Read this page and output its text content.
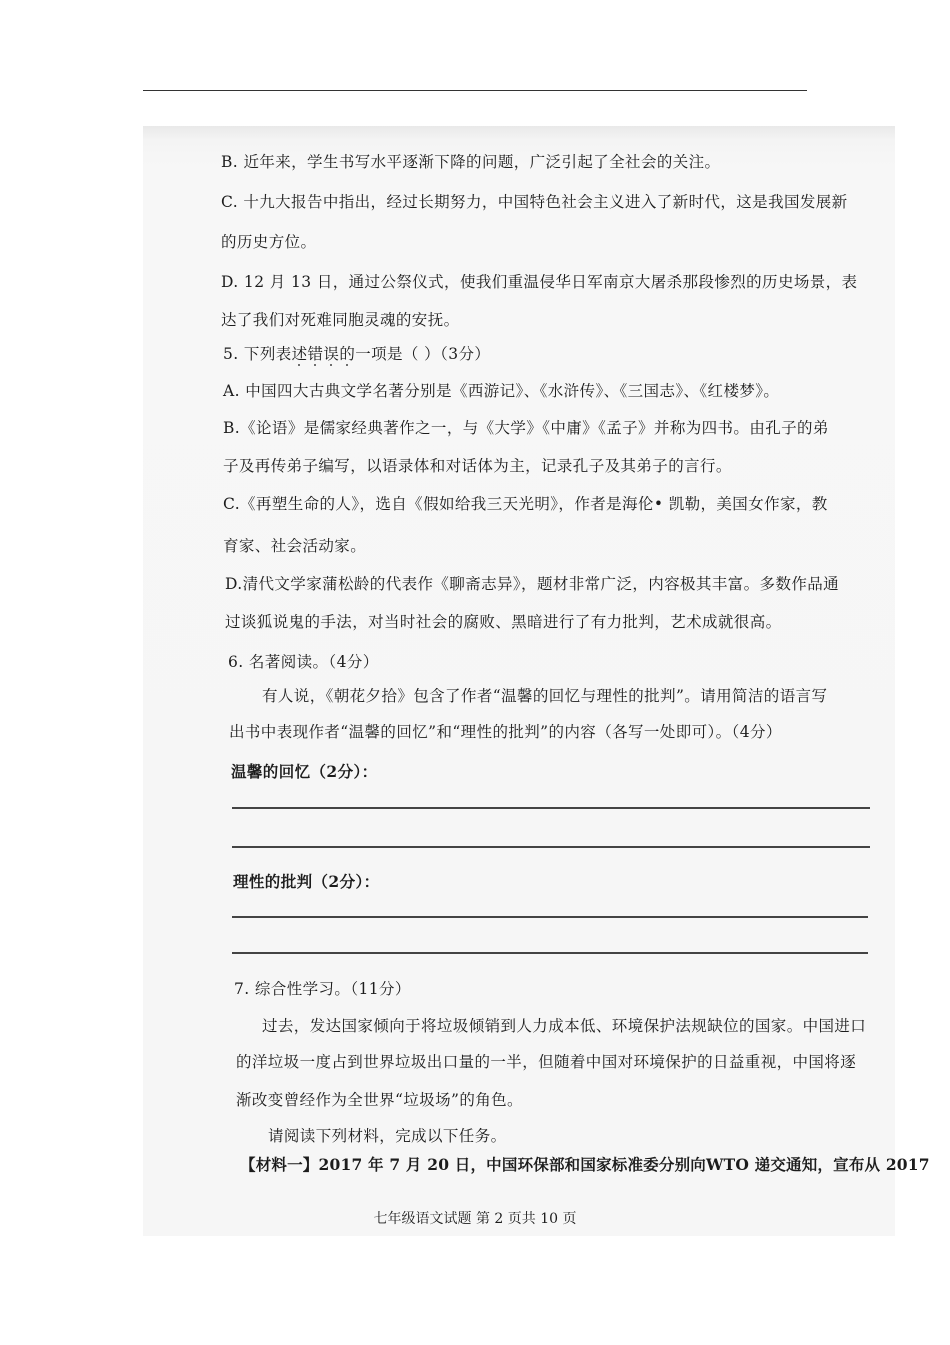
B. 近年来，学生书写水平逐渐下降的问题，广泛引起了全社会的关注。
C. 十九大报告中指出，经过长期努力，中国特色社会主义进入了新时代，这是我国发展新
的历史方位。
D. 12 月 13 日，通过公祭仪式，使我们重温侵华日军南京大屠杀那段惨烈的历史场景，表
达了我们对死难同胞灵魂的安抚。
5. 下列表述错误的一项是（ ）（3分）
A. 中国四大古典文学名著分别是《西游记》、《水浒传》、《三国志》、《红楼梦》。
B.《论语》是儒家经典著作之一，与《大学》《中庸》《孟子》并称为四书。由孔子的弟
子及再传弟子编写，以语录体和对话体为主，记录孔子及其弟子的言行。
C.《再塑生命的人》，选自《假如给我三天光明》，作者是海伦• 凯勒，美国女作家，教
育家、社会活动家。
D.清代文学家蒲松龄的代表作《聊斋志异》，题材非常广泛，内容极其丰富。多数作品通
过谈狐说鬼的手法，对当时社会的腐败、黑暗进行了有力批判，艺术成就很高。
6. 名著阅读。（4分）
有人说，《朝花夕拾》包含了作者“温馨的回忆与理性的批判”。请用简洁的语言写
出书中表现作者“温馨的回忆”和“理性的批判”的内容（各写一处即可）。（4分）
温馨的回忆（2分）：
理性的批判（2分）：
7. 综合性学习。（11分）
过去，发达国家倾向于将垃圾倾销到人力成本低、环境保护法规缺位的国家。中国进口
的洋垃圾一度占到世界垃圾出口量的一半，但随着中国对环境保护的日益重视，中国将逐
渐改变曾经作为全世界“垃圾场”的角色。
请阅读下列材料，完成以下任务。
【材料一】2017 年 7 月 20 日，中国环保部和国家标准委分别向WTO 递交通知，宣布从 2017
七年级语文试题 第 2 页共 10 页
